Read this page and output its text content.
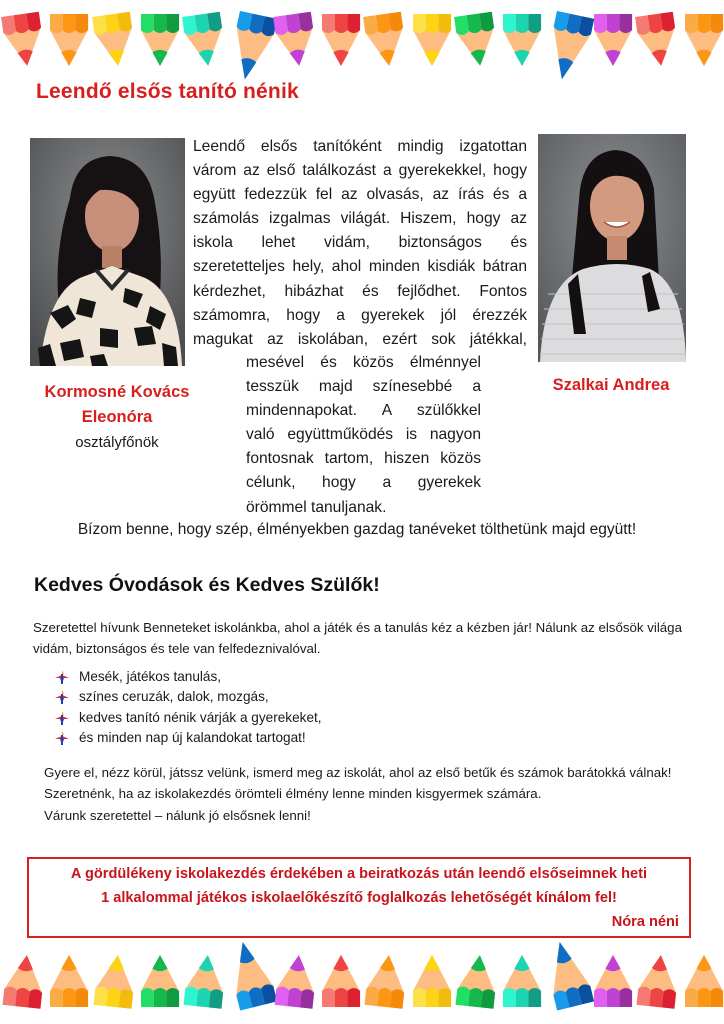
Leendő elsős tanító nénik
Leendő elsős tanítóként mindig izgatottan
várom az első találkozást a gyerekekkel, hogy
együtt fedezzük fel az olvasás, az írás és a
számolás izgalmas világát. Hiszem, hogy az
iskola lehet vidám, biztonságos és
szeretetteljes hely, ahol minden kisdiák bátran
kérdezhet, hibázhat és fejlődhet. Fontos
számomra, hogy a gyerekek jól érezzék
magukat az iskolában, ezért sok játékkal,
mesével és közös élménnyel
tesszük majd színesebbé a
mindennapokat. A szülőkkel
való együttműködés is nagyon
fontosnak tartom, hiszen közös
célunk, hogy a gyerekek
örömmel tanuljanak.
Kormosné Kovács
Eleonóra
osztályfőnök
Szalkai Andrea
Bízom benne, hogy szép, élményekben gazdag tanéveket tölthetünk majd együtt!
Kedves Óvodások és Kedves Szülők!

Szeretettel hívunk Benneteket iskolánkba, ahol a játék és a tanulás kéz a kézben jár! Nálunk az elsősök világa vidám, biztonságos és tele van felfedeznivalóval.

Mesék, játékos tanulás,
színes ceruzák, dalok, mozgás,
kedves tanító nénik várják a gyerekeket,
és minden nap új kalandokat tartogat!

Gyere el, nézz körül, játssz velünk, ismerd meg az iskolát, ahol az első betűk és számok barátokká válnak!

Szeretnénk, ha az iskolakezdés örömteli élmény lenne minden kisgyermek számára.

Várunk szeretettel – nálunk jó elsősnek lenni!

A gördülékeny iskolakezdés érdekében a beiratkozás után leendő elsőseimnek heti
1 alkalommal játékos iskolaelőkészítő foglalkozás lehetőségét kínálom fel!
Nóra néni
